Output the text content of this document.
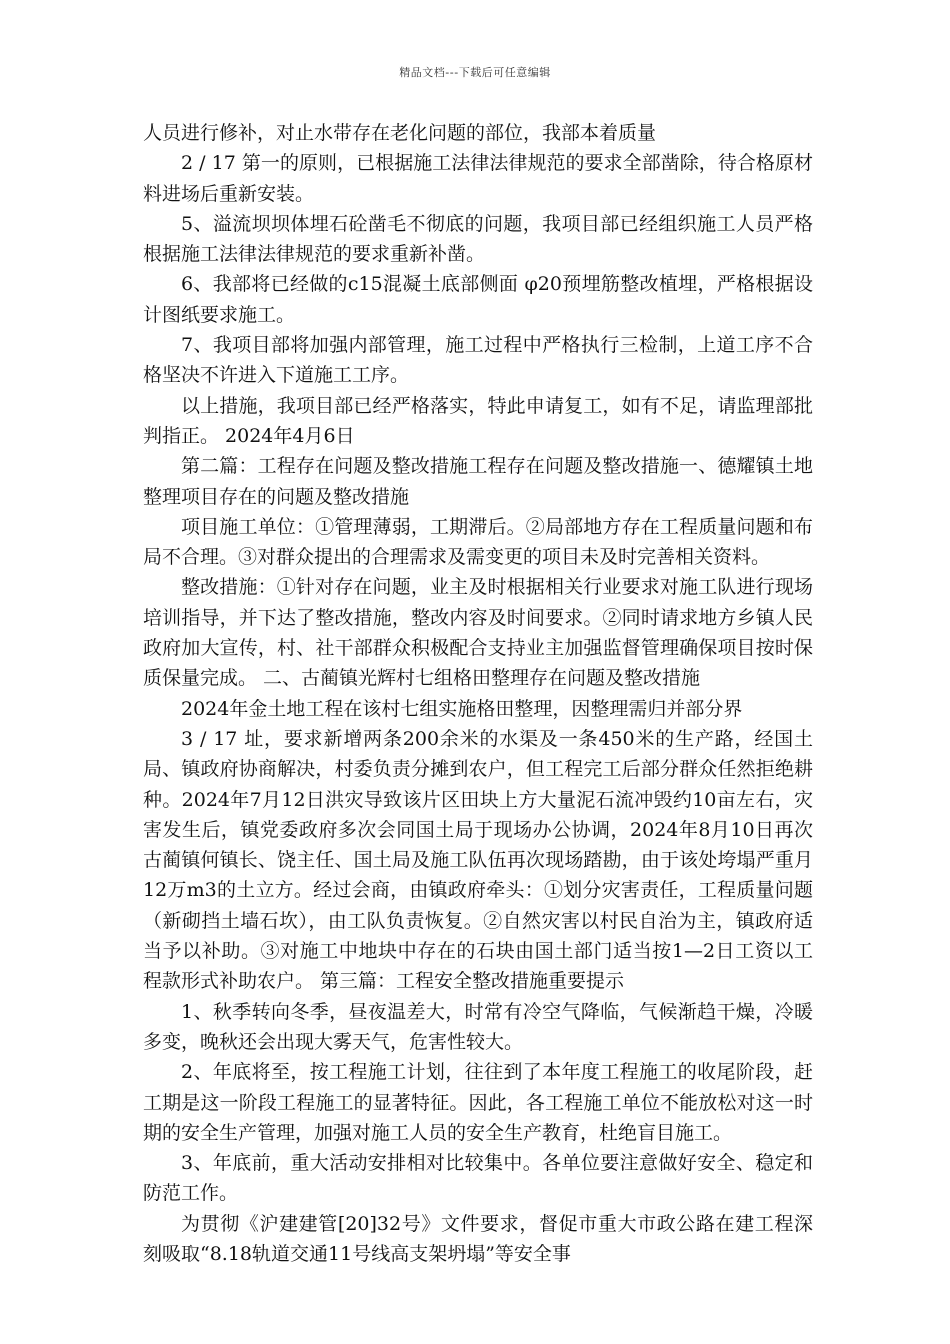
精品文档---下载后可任意编辑

人员进行修补，对止水带存在老化问题的部位，我部本着质量

2 / 17 第一的原则，已根据施工法律法律规范的要求全部凿除，待合格原材料进场后重新安装。

5、溢流坝坝体埋石砼凿毛不彻底的问题，我项目部已经组织施工人员严格根据施工法律法律规范的要求重新补凿。

6、我部将已经做的c15混凝土底部侧面 φ20预埋筋整改植埋，严格根据设计图纸要求施工。

7、我项目部将加强内部管理，施工过程中严格执行三检制，上道工序不合格坚决不许进入下道施工工序。

以上措施，我项目部已经严格落实，特此申请复工，如有不足，请监理部批判指正。 2024年4月6日

第二篇：工程存在问题及整改措施工程存在问题及整改措施一、德耀镇土地整理项目存在的问题及整改措施

项目施工单位：①管理薄弱，工期滞后。②局部地方存在工程质量问题和布局不合理。③对群众提出的合理需求及需变更的项目未及时完善相关资料。

整改措施：①针对存在问题，业主及时根据相关行业要求对施工队进行现场培训指导，并下达了整改措施，整改内容及时间要求。②同时请求地方乡镇人民政府加大宣传，村、社干部群众积极配合支持业主加强监督管理确保项目按时保质保量完成。 二、古蔺镇光辉村七组格田整理存在问题及整改措施

2024年金土地工程在该村七组实施格田整理，因整理需归并部分界

3 / 17 址，要求新增两条200余米的水渠及一条450米的生产路，经国土局、镇政府协商解决，村委负责分摊到农户，但工程完工后部分群众任然拒绝耕种。2024年7月12日洪灾导致该片区田块上方大量泥石流冲毁约10亩左右，灾害发生后，镇党委政府多次会同国土局于现场办公协调，2024年8月10日再次古蔺镇何镇长、饶主任、国土局及施工队伍再次现场踏勘，由于该处垮塌严重月12万m3的土立方。经过会商，由镇政府牵头：①划分灾害责任，工程质量问题（新砌挡土墙石坎），由工队负责恢复。②自然灾害以村民自治为主，镇政府适当予以补助。③对施工中地块中存在的石块由国土部门适当按1—2日工资以工程款形式补助农户。 第三篇：工程安全整改措施重要提示

1、秋季转向冬季，昼夜温差大，时常有冷空气降临，气候渐趋干燥，冷暖多变，晚秋还会出现大雾天气，危害性较大。

2、年底将至，按工程施工计划，往往到了本年度工程施工的收尾阶段，赶工期是这一阶段工程施工的显著特征。因此，各工程施工单位不能放松对这一时期的安全生产管理，加强对施工人员的安全生产教育，杜绝盲目施工。

3、年底前，重大活动安排相对比较集中。各单位要注意做好安全、稳定和防范工作。

为贯彻《沪建建管[20]32号》文件要求，督促市重大市政公路在建工程深刻吸取“8.18轨道交通11号线高支架坍塌”等安全事
